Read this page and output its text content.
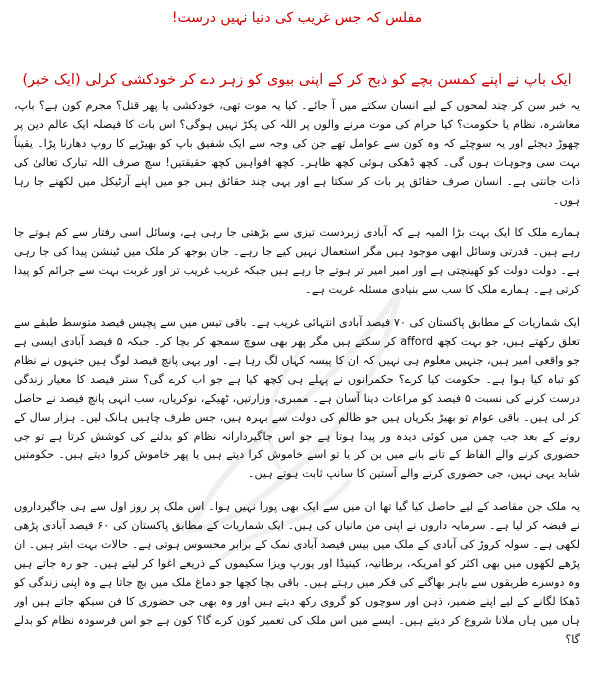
مفلس کہ جس غریب کی دنیا نہیں درست!
ایک باپ نے اپنے کمسن بچے کو ذبح کر کے اپنی بیوی کو زہر دے کر خودکشی کرلی (ایک خبر)

یہ خبر سن کر چند لمحوں کے لیے انسان سکتے میں آ جائے۔ کیا یہ موت تھی، خودکشی یا پھر قتل؟ مجرم کون ہے؟ باپ، معاشرہ، نظام یا حکومت؟ کیا حرام کی موت مرنے والوں پر اللہ کی پکڑ نہیں ہوگی؟ اس بات کا فیصلہ ایک عالم دین پر چھوڑ دیجئے اور یہ سوچئے کہ وہ کون سے عوامل تھے جن کی وجہ سے ایک شفیق باپ کو بھیڑیے کا روپ دھارنا پڑا۔ یقیناً بہت سی وجوہات ہوں گی۔ کچھ ڈھکی ہوئی کچھ ظاہر۔ کچھ افواہیں کچھ حقیقتیں! سچ صرف اللہ تبارک تعالیٰ کی ذات جانتی ہے۔ انسان صرف حقائق پر بات کر سکتا ہے اور یہی چند حقائق ہیں جو میں اپنے آرٹیکل میں لکھنے جا رہا ہوں۔

ہمارے ملک کا ایک بہت بڑا المیہ ہے کہ آبادی زبردست تیزی سے بڑھتی جا رہی ہے، وسائل اسی رفتار سے کم ہوتے جا رہے ہیں۔ قدرتی وسائل ابھی موجود ہیں مگر استعمال نہیں کیے جا رہے۔ جان بوجھ کر ملک میں ٹینشن پیدا کی جا رہی ہے۔ دولت دولت کو کھینچتی ہے اور امیر امیر تر ہوتے جا رہے ہیں جبکہ غریب غریب تر اور غربت بہت سے جرائم کو پیدا کرتی ہے۔ ہمارے ملک کا سب سے بنیادی مسئلہ غربت ہے۔

ایک شماریات کے مطابق پاکستان کی ۷۰ فیصد آبادی انتہائی غریب ہے۔ باقی تیس میں سے پچیس فیصد متوسط طبقے سے تعلق رکھتے ہیں، جو بہت کچھ afford کر سکتے ہیں مگر پھر بھی سوچ سمجھ کر بچا کر۔ جبکہ ۵ فیصد آبادی ایسی ہے جو واقعی امیر ہیں، جنہیں معلوم ہی نہیں کہ ان کا پیسہ کہاں لگ رہا ہے۔ اور یہی پانچ فیصد لوگ ہیں جنہوں نے نظام کو تباہ کیا ہوا ہے۔ حکومت کیا کرے؟ حکمرانوں نے پہلے ہی کچھ کیا ہے جو اب کرے گی؟ ستر فیصد کا معیار زندگی درست کرنے کی نسبت ۵ فیصد کو مراعات دینا آسان ہے۔ ممبری، وزارتیں، ٹھیکے، نوکریاں، سب انہی پانچ فیصد نے حاصل کر لی ہیں۔ باقی عوام تو بھیڑ بکریاں ہیں جو ظالم کی دولت سے بہرہ ہیں، جس طرف چاہیں ہانک لیں۔ ہزار سال کے رونے کے بعد جب چمن میں کوئی دیدہ ور پیدا ہوتا ہے جو اس جاگیردارانہ نظام کو بدلنے کی کوشش کرتا ہے تو جی حضوری کرنے والے الفاظ کے تانے بانے میں بن کر یا تو اسے خاموش کرا دیتے ہیں یا پھر خاموش کروا دیتے ہیں۔ حکومتیں شاید یہی نہیں، جی حضوری کرنے والے آستین کا سانپ ثابت ہوتے ہیں۔

یہ ملک جن مقاصد کے لیے حاصل کیا گیا تھا ان میں سے ایک بھی پورا نہیں ہوا۔ اس ملک پر روز اول سے ہی جاگیرداروں نے قبضہ کر لیا ہے۔ سرمایہ داروں نے اپنی من مانیاں کی ہیں۔ ایک شماریات کے مطابق پاکستان کی ۶۰ فیصد آبادی پڑھی لکھی ہے۔ سولہ کروڑ کی آبادی کے ملک میں بیس فیصد آبادی نمک کے برابر محسوس ہوتی ہے۔ حالات بہت ابتر ہیں۔ ان پڑھے لکھوں میں بھی اکثر کو امریکہ، برطانیہ، کینیڈا اور یورپ ویزا سکیموں کے ذریعے اغوا کر لیتے ہیں۔ جو رہ جاتے ہیں وہ دوسرے طریقوں سے باہر بھاگنے کی فکر میں رہتے ہیں۔ باقی بچا کچھا جو دماغ ملک میں بچ جاتا ہے وہ اپنی زندگی کو ڈھکا لگانے کے لیے اپنے ضمیر، ذہن اور سوچوں کو گروی رکھ دیتے ہیں اور وہ بھی جی حضوری کا فن سیکھ جاتے ہیں اور ہاں میں ہاں ملانا شروع کر دیتے ہیں۔ ایسے میں اس ملک کی تعمیر کون کرے گا؟ کون ہے جو اس فرسودہ نظام کو بدلے گا؟
